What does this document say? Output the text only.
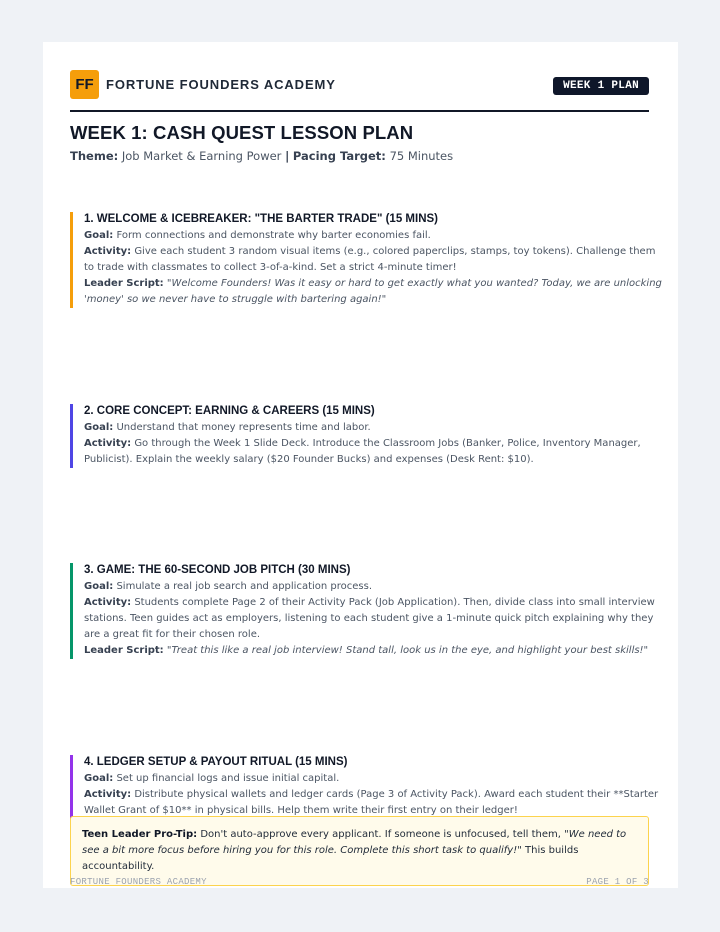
FF FORTUNE FOUNDERS ACADEMY	WEEK 1 PLAN
WEEK 1: CASH QUEST LESSON PLAN
Theme: Job Market & Earning Power | Pacing Target: 75 Minutes
1. WELCOME & ICEBREAKER: "THE BARTER TRADE" (15 MINS)
Goal: Form connections and demonstrate why barter economies fail.
Activity: Give each student 3 random visual items (e.g., colored paperclips, stamps, toy tokens). Challenge them to trade with classmates to collect 3-of-a-kind. Set a strict 4-minute timer!
Leader Script: "Welcome Founders! Was it easy or hard to get exactly what you wanted? Today, we are unlocking 'money' so we never have to struggle with bartering again!"
2. CORE CONCEPT: EARNING & CAREERS (15 MINS)
Goal: Understand that money represents time and labor.
Activity: Go through the Week 1 Slide Deck. Introduce the Classroom Jobs (Banker, Police, Inventory Manager, Publicist). Explain the weekly salary ($20 Founder Bucks) and expenses (Desk Rent: $10).
3. GAME: THE 60-SECOND JOB PITCH (30 MINS)
Goal: Simulate a real job search and application process.
Activity: Students complete Page 2 of their Activity Pack (Job Application). Then, divide class into small interview stations. Teen guides act as employers, listening to each student give a 1-minute quick pitch explaining why they are a great fit for their chosen role.
Leader Script: "Treat this like a real job interview! Stand tall, look us in the eye, and highlight your best skills!"
4. LEDGER SETUP & PAYOUT RITUAL (15 MINS)
Goal: Set up financial logs and issue initial capital.
Activity: Distribute physical wallets and ledger cards (Page 3 of Activity Pack). Award each student their **Starter Wallet Grant of $10** in physical bills. Help them write their first entry on their ledger!
Teen Leader Pro-Tip: Don't auto-approve every applicant. If someone is unfocused, tell them, "We need to see a bit more focus before hiring you for this role. Complete this short task to qualify!" This builds accountability.
FORTUNE FOUNDERS ACADEMY	PAGE 1 OF 3
